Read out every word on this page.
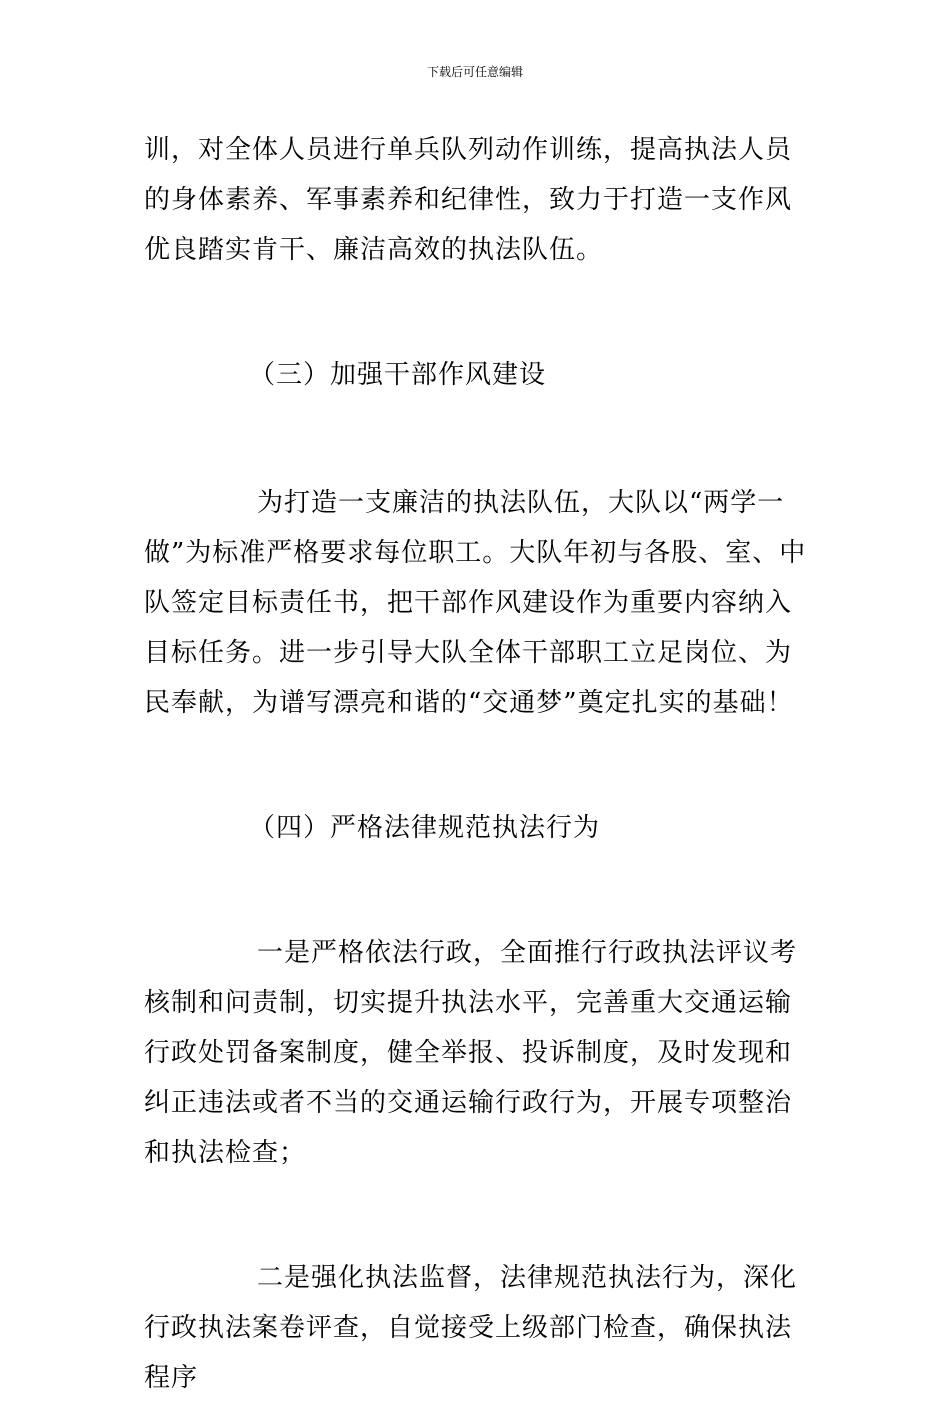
下载后可任意编辑

训，对全体人员进行单兵队列动作训练，提高执法人员的身体素养、军事素养和纪律性，致力于打造一支作风优良踏实肯干、廉洁高效的执法队伍。

（三）加强干部作风建设

为打造一支廉洁的执法队伍，大队以“两学一做”为标准严格要求每位职工。大队年初与各股、室、中队签定目标责任书，把干部作风建设作为重要内容纳入目标任务。进一步引导大队全体干部职工立足岗位、为民奉献，为谱写漂亮和谐的“交通梦”奠定扎实的基础！

（四）严格法律规范执法行为

一是严格依法行政，全面推行行政执法评议考核制和问责制，切实提升执法水平，完善重大交通运输行政处罚备案制度，健全举报、投诉制度，及时发现和纠正违法或者不当的交通运输行政行为，开展专项整治和执法检查；

二是强化执法监督，法律规范执法行为，深化行政执法案卷评查，自觉接受上级部门检查，确保执法程序
